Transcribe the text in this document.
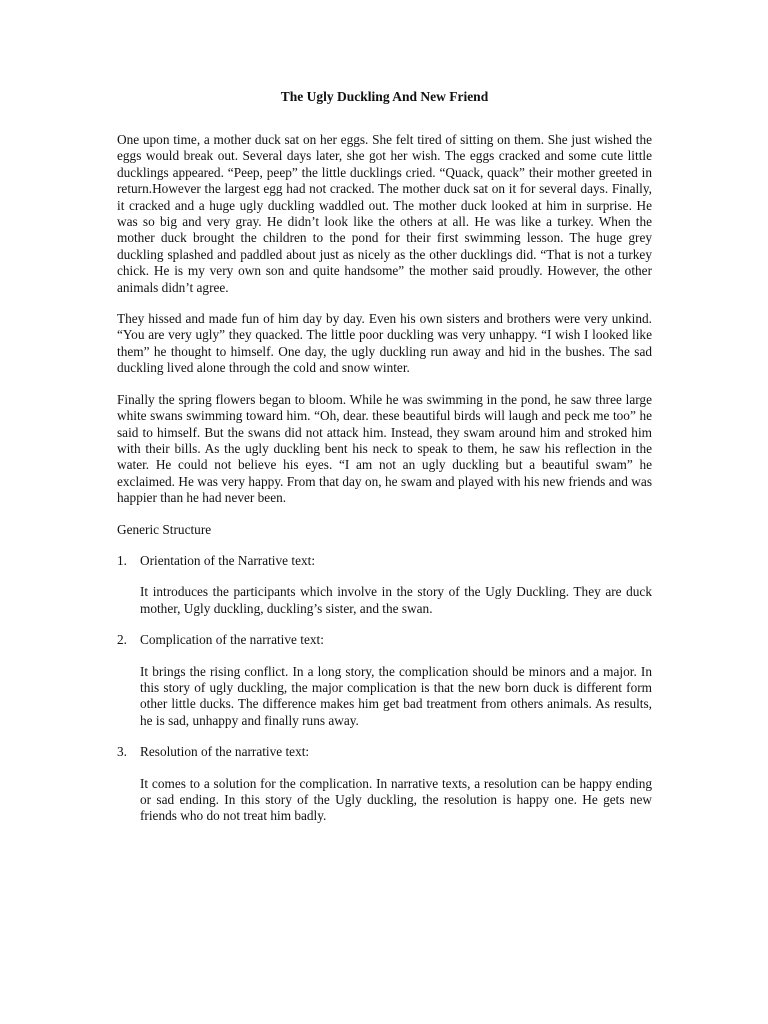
The Ugly Duckling And New Friend

One upon time, a mother duck sat on her eggs. She felt tired of sitting on them. She just wished the eggs would break out. Several days later, she got her wish. The eggs cracked and some cute little ducklings appeared. “Peep, peep” the little ducklings cried. “Quack, quack” their mother greeted in return.However the largest egg had not cracked. The mother duck sat on it for several days. Finally, it cracked and a huge ugly duckling waddled out. The mother duck looked at him in surprise. He was so big and very gray. He didn’t look like the others at all. He was like a turkey. When the mother duck brought the children to the pond for their first swimming lesson. The huge grey duckling splashed and paddled about just as nicely as the other ducklings did. “That is not a turkey chick. He is my very own son and quite handsome” the mother said proudly. However, the other animals didn’t agree.

They hissed and made fun of him day by day. Even his own sisters and brothers were very unkind. “You are very ugly” they quacked. The little poor duckling was very unhappy. “I wish I looked like them” he thought to himself. One day, the ugly duckling run away and hid in the bushes. The sad duckling lived alone through the cold and snow winter.

Finally the spring flowers began to bloom. While he was swimming in the pond, he saw three large white swans swimming toward him. “Oh, dear. these beautiful birds will laugh and peck me too” he said to himself. But the swans did not attack him. Instead, they swam around him and stroked him with their bills. As the ugly duckling bent his neck to speak to them, he saw his reflection in the water. He could not believe his eyes. “I am not an ugly duckling but a beautiful swam” he exclaimed. He was very happy. From that day on, he swam and played with his new friends and was happier than he had never been.

Generic Structure
1. Orientation of the Narrative text:

It introduces the participants which involve in the story of the Ugly Duckling. They are duck mother, Ugly duckling, duckling’s sister, and the swan.

2. Complication of the narrative text:

It brings the rising conflict. In a long story, the complication should be minors and a major. In this story of ugly duckling, the major complication is that the new born duck is different form other little ducks. The difference makes him get bad treatment from others animals. As results, he is sad, unhappy and finally runs away.

3. Resolution of the narrative text:

It comes to a solution for the complication. In narrative texts, a resolution can be happy ending or sad ending. In this story of the Ugly duckling, the resolution is happy one. He gets new friends who do not treat him badly.
